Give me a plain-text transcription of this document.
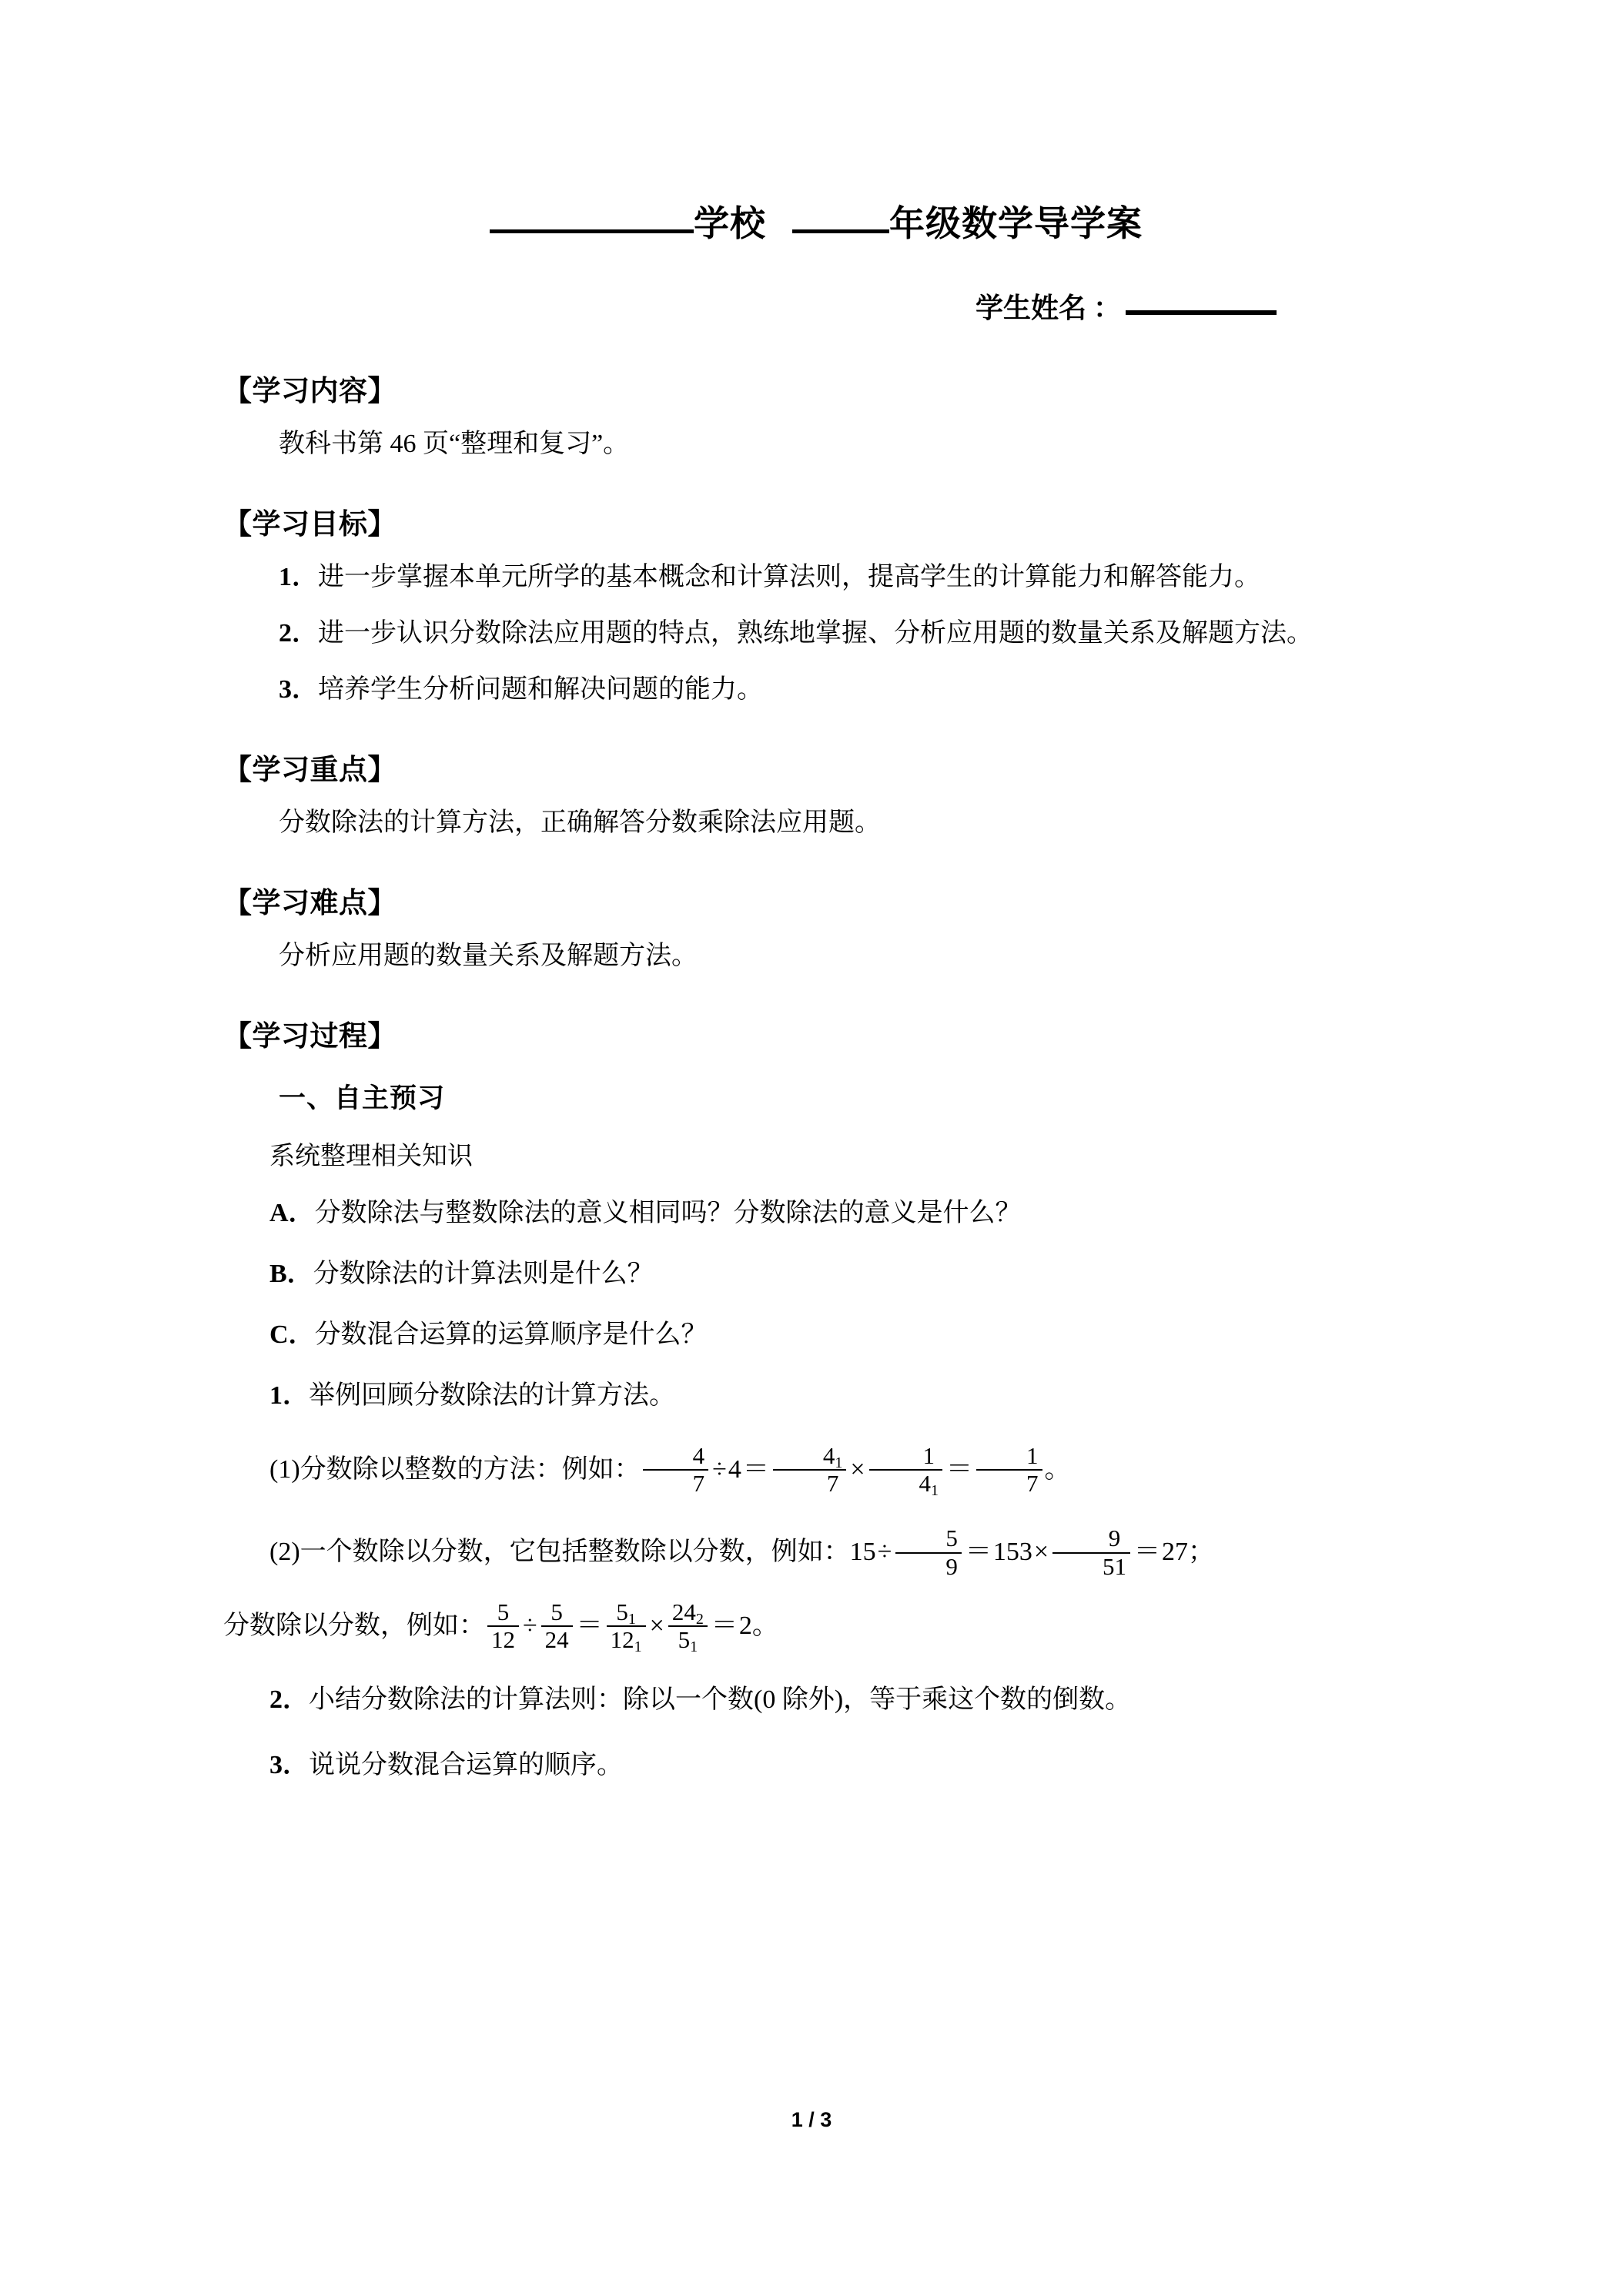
学校	年级数学导学案
学生姓名 ：
【学习内容】

教科书第 46 页“整理和复习”。

【学习目标】

1．进一步掌握本单元所学的基本概念和计算法则，提高学生的计算能力和解答能力。

2．进一步认识分数除法应用题的特点，熟练地掌握、分析应用题的数量关系及解题方法。

3．培养学生分析问题和解决问题的能力。

【学习重点】

分数除法的计算方法，正确解答分数乘除法应用题。

【学习难点】

分析应用题的数量关系及解题方法。

【学习过程】
一、自主预习

系统整理相关知识

A．分数除法与整数除法的意义相同吗？分数除法的意义是什么？

B．分数除法的计算法则是什么？

C．分数混合运算的运算顺序是什么？

1．举例回顾分数除法的计算方法。

(1)分数除以整数的方法：例如： $\frac{4}{7} \div 4= \frac{4_1}{7} \times \frac{1}{4_1} = \frac{1}{7}$ 。

(2)一个数除以分数，它包括整数除以分数，例如：$15\div \frac{5}{9} =153\times \frac{9}{51} =27$；

分数除以分数，例如： $\frac{5}{12} \div \frac{5}{24} = \frac{5_1}{12_1} \times \frac{24_2}{5_1} =2$。

2．小结分数除法的计算法则：除以一个数(0 除外)，等于乘这个数的倒数。

3．说说分数混合运算的顺序。

1 / 3
